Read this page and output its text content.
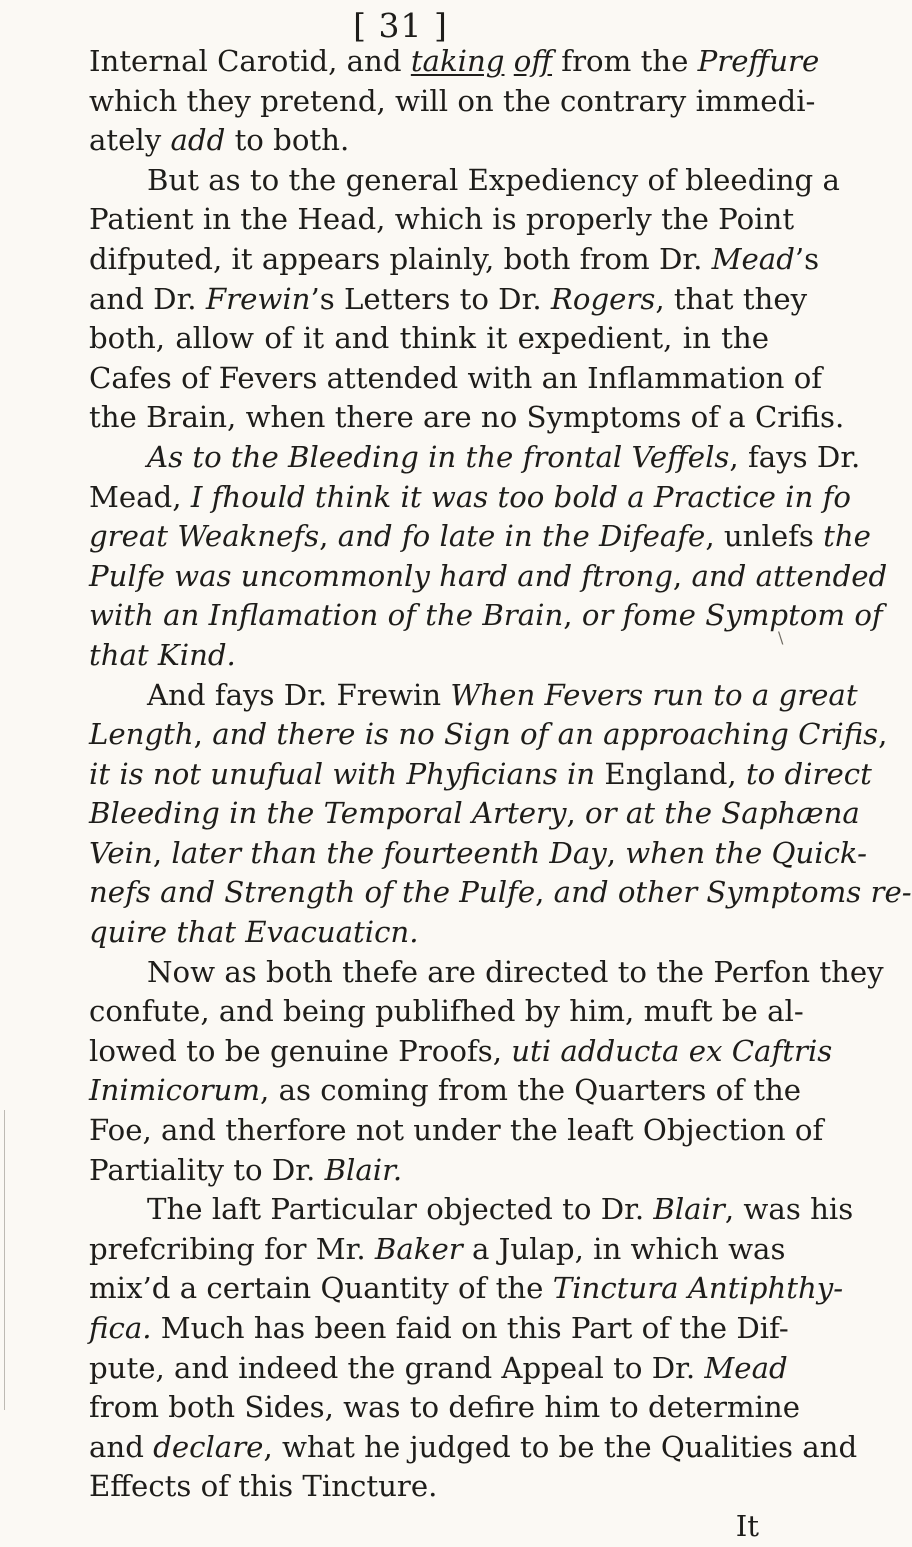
[ 31 ]
Internal Carotid, and taking off from the Preffure
which they pretend, will on the contrary immedi-
ately add to both.
But as to the general Expediency of bleeding a
Patient in the Head, which is properly the Point
difputed, it appears plainly, both from Dr. Mead’s
and Dr. Frewin’s Letters to Dr. Rogers, that they
both, allow of it and think it expedient, in the
Cafes of Fevers attended with an Inflammation of
the Brain, when there are no Symptoms of a Crifis.
As to the Bleeding in the frontal Veffels, fays Dr.
Mead, I fhould think it was too bold a Practice in fo
great Weaknefs, and fo late in the Difeafe, unlefs the
Pulfe was uncommonly hard and ftrong, and attended
with an Inflamation of the Brain, or fome Symptom of
that Kind.
And fays Dr. Frewin When Fevers run to a great
Length, and there is no Sign of an approaching Crifis,
it is not unufual with Phyficians in England, to direct
Bleeding in the Temporal Artery, or at the Saphæna
Vein, later than the fourteenth Day, when the Quick-
nefs and Strength of the Pulfe, and other Symptoms re-
quire that Evacuaticn.
Now as both thefe are directed to the Perfon they
confute, and being publifhed by him, muft be al-
lowed to be genuine Proofs, uti adducta ex Caftris
Inimicorum, as coming from the Quarters of the
Foe, and therfore not under the leaft Objection of
Partiality to Dr. Blair.
The laft Particular objected to Dr. Blair, was his
prefcribing for Mr. Baker a Julap, in which was
mix’d a certain Quantity of the Tinctura Antiphthy-
fica. Much has been faid on this Part of the Dif-
pute, and indeed the grand Appeal to Dr. Mead
from both Sides, was to defire him to determine
and declare, what he judged to be the Qualities and
Effects of this Tincture.
It
\
